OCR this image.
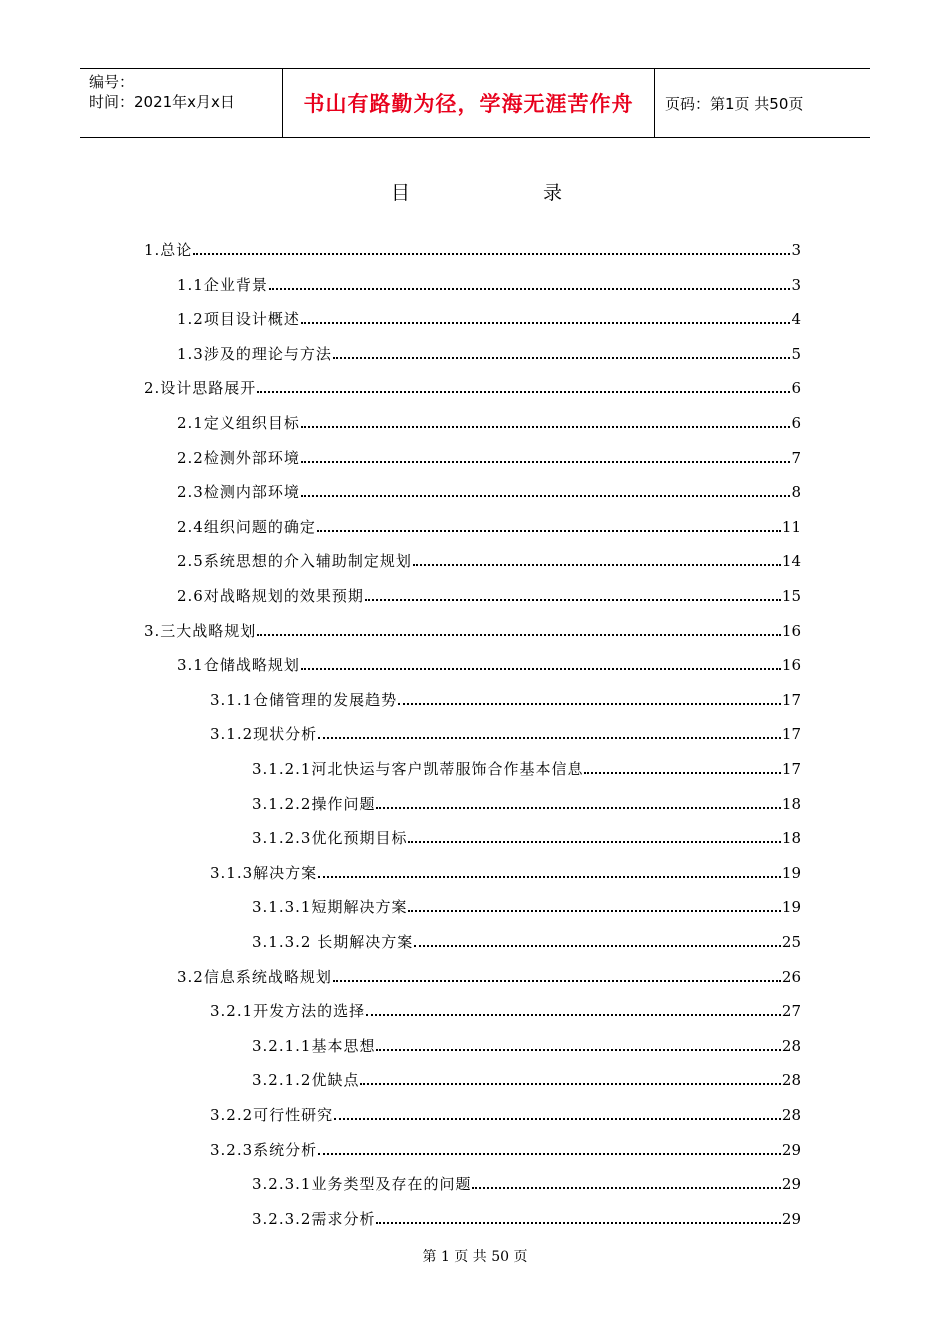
编号：
时间：2021年x月x日	书山有路勤为径，学海无涯苦作舟	页码：第1页 共50页
目	录
1.总论	3
1.1企业背景	3
1.2项目设计概述	4
1.3涉及的理论与方法	5
2.设计思路展开	6
2.1定义组织目标	6
2.2检测外部环境	7
2.3检测内部环境	8
2.4组织问题的确定	11
2.5系统思想的介入辅助制定规划	14
2.6对战略规划的效果预期	15
3.三大战略规划	16
3.1仓储战略规划	16
3.1.1仓储管理的发展趋势	17
3.1.2现状分析	17
3.1.2.1河北快运与客户凯蒂服饰合作基本信息	17
3.1.2.2操作问题	18
3.1.2.3优化预期目标	18
3.1.3解决方案	19
3.1.3.1短期解决方案	19
3.1.3.2 长期解决方案	25
3.2信息系统战略规划	26
3.2.1开发方法的选择	27
3.2.1.1基本思想	28
3.2.1.2优缺点	28
3.2.2可行性研究	28
3.2.3系统分析	29
3.2.3.1业务类型及存在的问题	29
3.2.3.2需求分析	29
第 1 页 共 50 页
